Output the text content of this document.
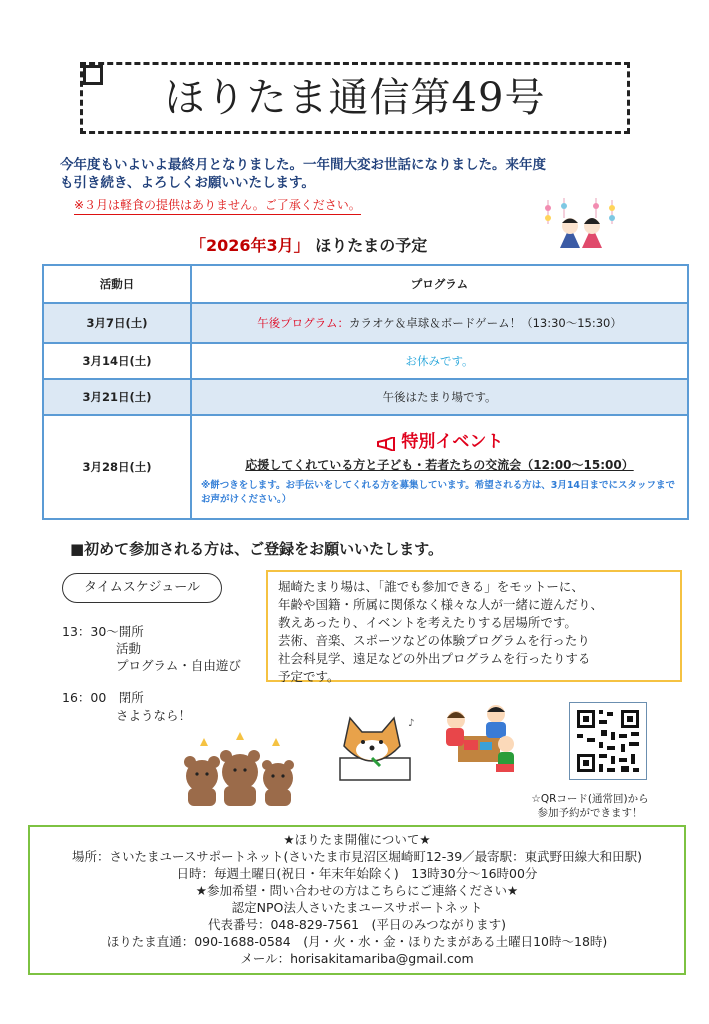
ほりたま通信第49号
今年度もいよいよ最終月となりました。一年間大変お世話になりました。来年度
も引き続き、よろしくお願いいたします。
※３月は軽食の提供はありません。ご了承ください。
「2026年3月」 ほりたまの予定
活動日	プログラム
3月7日(土)	午後プログラム：カラオケ＆卓球＆ボードゲーム！（13:30〜15:30）
3月14日(土)	お休みです。
3月21日(土)	午後はたまり場です。
3月28日(土)	特別イベント
応援してくれている方と子ども・若者たちの交流会（12:00〜15:00）
※餅つきをします。お手伝いをしてくれる方を募集しています。希望される方は、3月14日までにスタッフまでお声がけください。）
■初めて参加される方は、ご登録をお願いいたします。
タイムスケジュール
13：30〜開所
活動
プログラム・自由遊び
16：00　閉所
さようなら！
堀崎たまり場は、「誰でも参加できる」をモットーに、
年齢や国籍・所属に関係なく様々な人が一緒に遊んだり、
教えあったり、イベントを考えたりする居場所です。
芸術、音楽、スポーツなどの体験プログラムを行ったり
社会科見学、遠足などの外出プログラムを行ったりする
予定です。
♪
☆QRコード(通常回)から
参加予約ができます！
★ほりたま開催について★
場所：さいたまユースサポートネット(さいたま市見沼区堀崎町12-39／最寄駅：東武野田線大和田駅)
日時：毎週土曜日(祝日・年末年始除く)　13時30分〜16時00分
★参加希望・問い合わせの方はこちらにご連絡ください★
認定NPO法人さいたまユースサポートネット
代表番号：048-829-7561　(平日のみつながります)
ほりたま直通：090-1688-0584　(月・火・水・金・ほりたまがある土曜日10時〜18時)
メール：horisakitamariba@gmail.com
